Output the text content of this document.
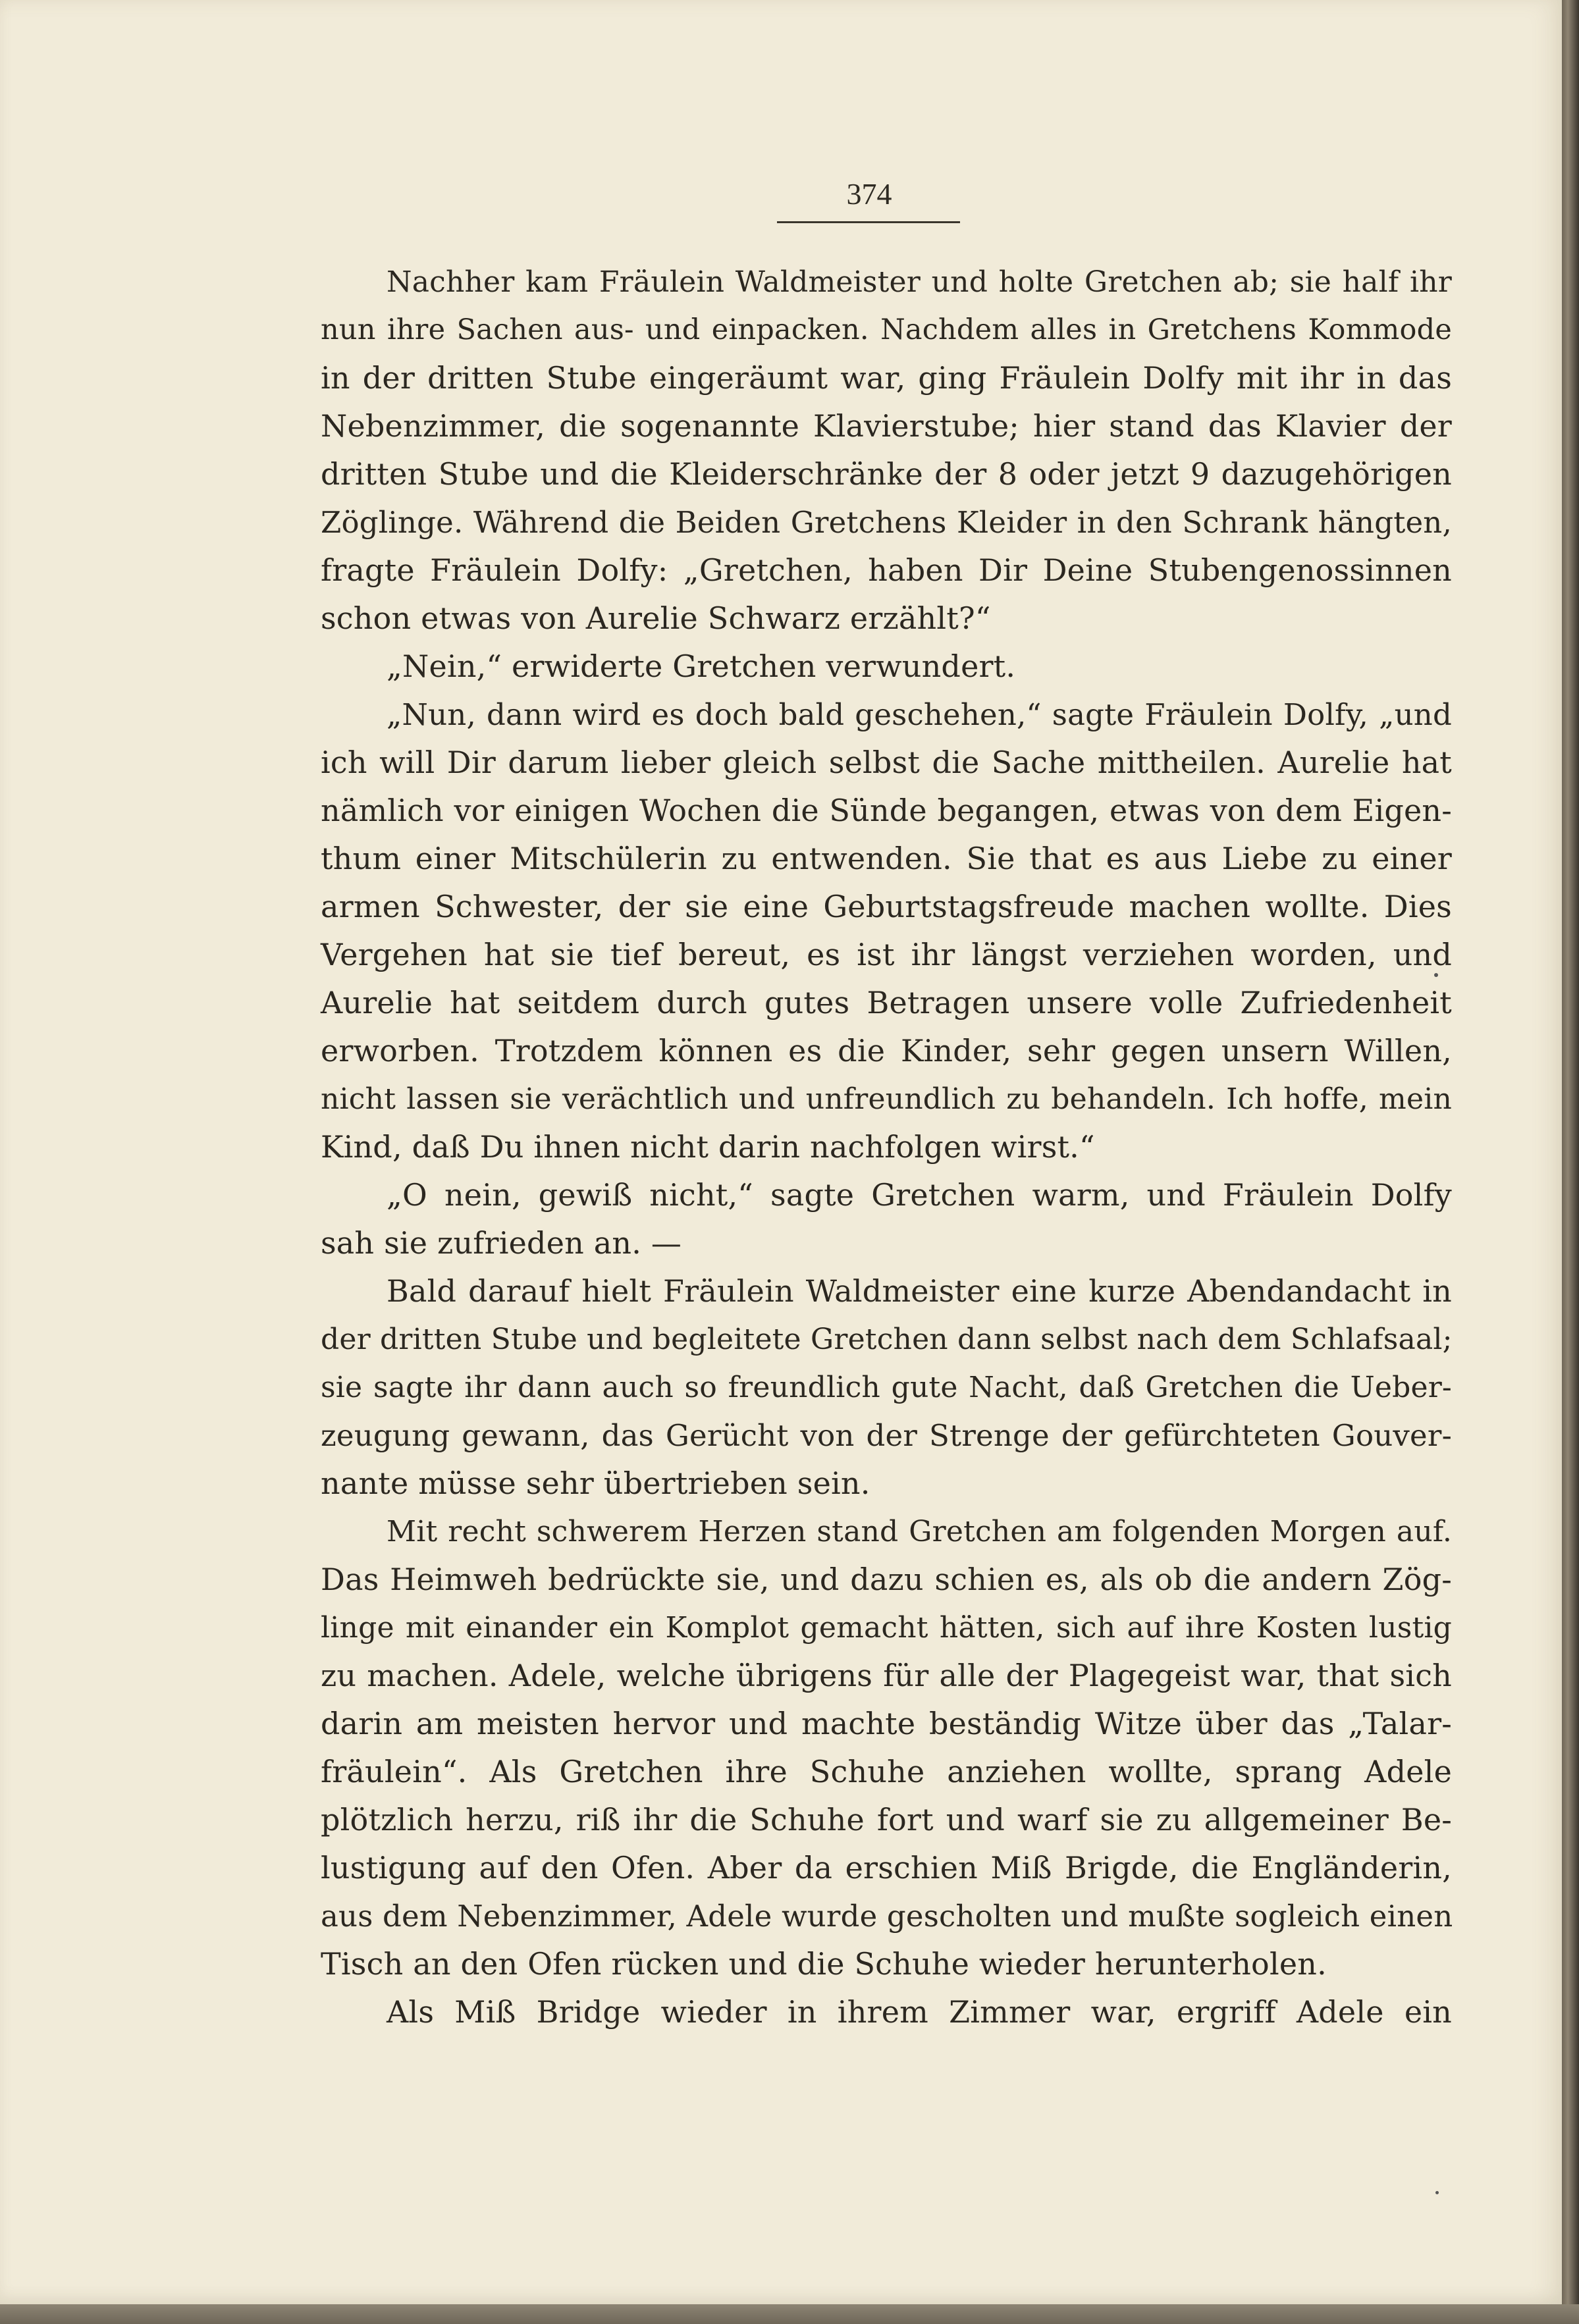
374
Nachher kam Fräulein Waldmeister und holte Gretchen ab; sie half ihr
nun ihre Sachen aus- und einpacken. Nachdem alles in Gretchens Kommode
in der dritten Stube eingeräumt war, ging Fräulein Dolfy mit ihr in das
Nebenzimmer, die sogenannte Klavierstube; hier stand das Klavier der
dritten Stube und die Kleiderschränke der 8 oder jetzt 9 dazugehörigen
Zöglinge. Während die Beiden Gretchens Kleider in den Schrank hängten,
fragte Fräulein Dolfy: „Gretchen, haben Dir Deine Stubengenossinnen
schon etwas von Aurelie Schwarz erzählt?“
„Nein,“ erwiderte Gretchen verwundert.
„Nun, dann wird es doch bald geschehen,“ sagte Fräulein Dolfy, „und
ich will Dir darum lieber gleich selbst die Sache mittheilen. Aurelie hat
nämlich vor einigen Wochen die Sünde begangen, etwas von dem Eigen-
thum einer Mitschülerin zu entwenden. Sie that es aus Liebe zu einer
armen Schwester, der sie eine Geburtstagsfreude machen wollte. Dies
Vergehen hat sie tief bereut, es ist ihr längst verziehen worden, und
Aurelie hat seitdem durch gutes Betragen unsere volle Zufriedenheit
erworben. Trotzdem können es die Kinder, sehr gegen unsern Willen,
nicht lassen sie verächtlich und unfreundlich zu behandeln. Ich hoffe, mein
Kind, daß Du ihnen nicht darin nachfolgen wirst.“
„O nein, gewiß nicht,“ sagte Gretchen warm, und Fräulein Dolfy
sah sie zufrieden an. —
Bald darauf hielt Fräulein Waldmeister eine kurze Abendandacht in
der dritten Stube und begleitete Gretchen dann selbst nach dem Schlafsaal;
sie sagte ihr dann auch so freundlich gute Nacht, daß Gretchen die Ueber-
zeugung gewann, das Gerücht von der Strenge der gefürchteten Gouver-
nante müsse sehr übertrieben sein.
Mit recht schwerem Herzen stand Gretchen am folgenden Morgen auf.
Das Heimweh bedrückte sie, und dazu schien es, als ob die andern Zög-
linge mit einander ein Komplot gemacht hätten, sich auf ihre Kosten lustig
zu machen. Adele, welche übrigens für alle der Plagegeist war, that sich
darin am meisten hervor und machte beständig Witze über das „Talar-
fräulein“. Als Gretchen ihre Schuhe anziehen wollte, sprang Adele
plötzlich herzu, riß ihr die Schuhe fort und warf sie zu allgemeiner Be-
lustigung auf den Ofen. Aber da erschien Miß Brigde, die Engländerin,
aus dem Nebenzimmer, Adele wurde gescholten und mußte sogleich einen
Tisch an den Ofen rücken und die Schuhe wieder herunterholen.
Als Miß Bridge wieder in ihrem Zimmer war, ergriff Adele ein
